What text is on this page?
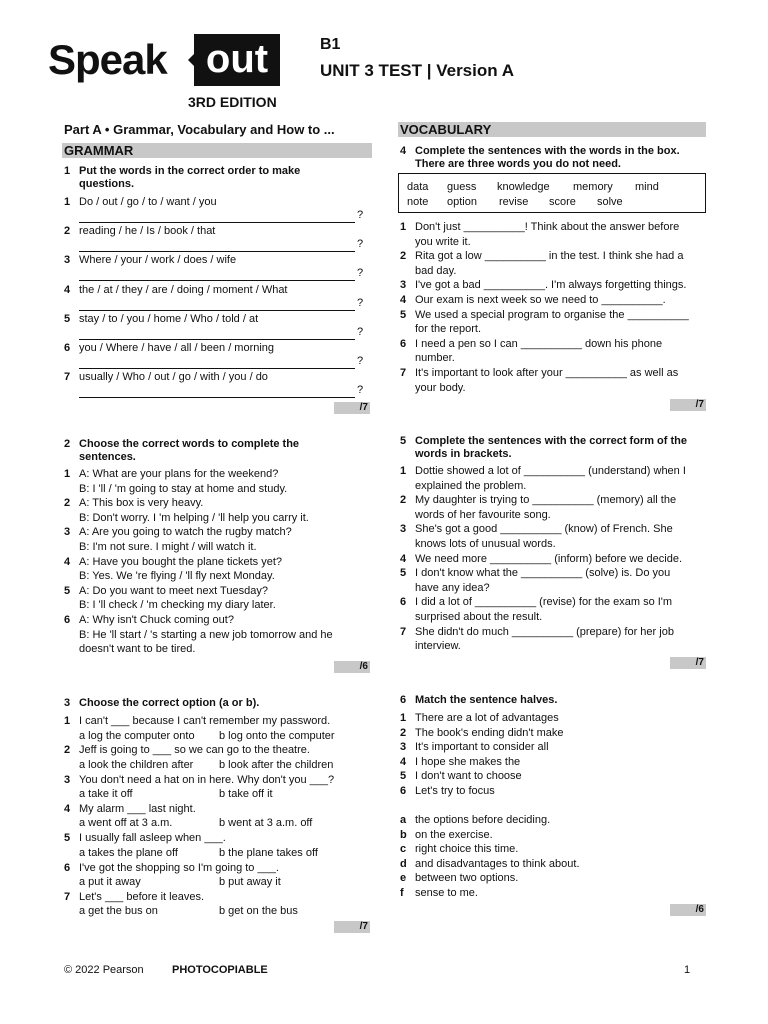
Speak out
3RD EDITION
B1
UNIT 3 TEST | Version A
Part A • Grammar, Vocabulary and How to ...
GRAMMAR
VOCABULARY
1 Put the words in the correct order to make
questions.
1 Do / out / go / to / want / you
?
2 reading / he / Is / book / that
?
3 Where / your / work / does / wife
?
4 the / at / they / are / doing / moment / What
?
5 stay / to / you / home / Who / told / at
?
6 you / Where / have / all / been / morning
?
7 usually / Who / out / go / with / you / do
?
/7
2 Choose the correct words to complete the
sentences.
1 A: What are your plans for the weekend?
B: I 'll / 'm going to stay at home and study.
2 A: This box is very heavy.
B: Don't worry. I 'm helping / 'll help you carry it.
3 A: Are you going to watch the rugby match?
B: I'm not sure. I might / will watch it.
4 A: Have you bought the plane tickets yet?
B: Yes. We 're flying / 'll fly next Monday.
5 A: Do you want to meet next Tuesday?
B: I 'll check / 'm checking my diary later.
6 A: Why isn't Chuck coming out?
B: He 'll start / 's starting a new job tomorrow and he
doesn't want to be tired.
/6
3 Choose the correct option (a or b).
1 I can't ___ because I can't remember my password.
a log the computer onto b log onto the computer
2 Jeff is going to ___ so we can go to the theatre.
a look the children after b look after the children
3 You don't need a hat on in here. Why don't you ___?
a take it off	b take off it
4 My alarm ___ last night.
a went off at 3 a.m.	b went at 3 a.m. off
5 I usually fall asleep when ___.
a takes the plane off	b the plane takes off
6 I've got the shopping so I'm going to ___.
a put it away	b put away it
7 Let's ___ before it leaves.
a get the bus on	b get on the bus
/7
4 Complete the sentences with the words in the box.
There are three words you do not need.
data guess knowledge memory mind
note option revise score solve
1 Don't just __________! Think about the answer before
you write it.
2 Rita got a low __________ in the test. I think she had a
bad day.
3 I've got a bad __________. I'm always forgetting things.
4 Our exam is next week so we need to __________.
5 We used a special program to organise the __________
for the report.
6 I need a pen so I can __________ down his phone
number.
7 It's important to look after your __________ as well as
your body.
/7
5 Complete the sentences with the correct form of the
words in brackets.
1 Dottie showed a lot of __________ (understand) when I
explained the problem.
2 My daughter is trying to __________ (memory) all the
words of her favourite song.
3 She's got a good __________ (know) of French. She
knows lots of unusual words.
4 We need more __________ (inform) before we decide.
5 I don't know what the __________ (solve) is. Do you
have any idea?
6 I did a lot of __________ (revise) for the exam so I'm
surprised about the result.
7 She didn't do much __________ (prepare) for her job
interview.
/7
6 Match the sentence halves.
1 There are a lot of advantages
2 The book's ending didn't make
3 It's important to consider all
4 I hope she makes the
5 I don't want to choose
6 Let's try to focus
a the options before deciding.
b on the exercise.
c right choice this time.
d and disadvantages to think about.
e between two options.
f sense to me.
/6
© 2022 Pearson	PHOTOCOPIABLE	1
